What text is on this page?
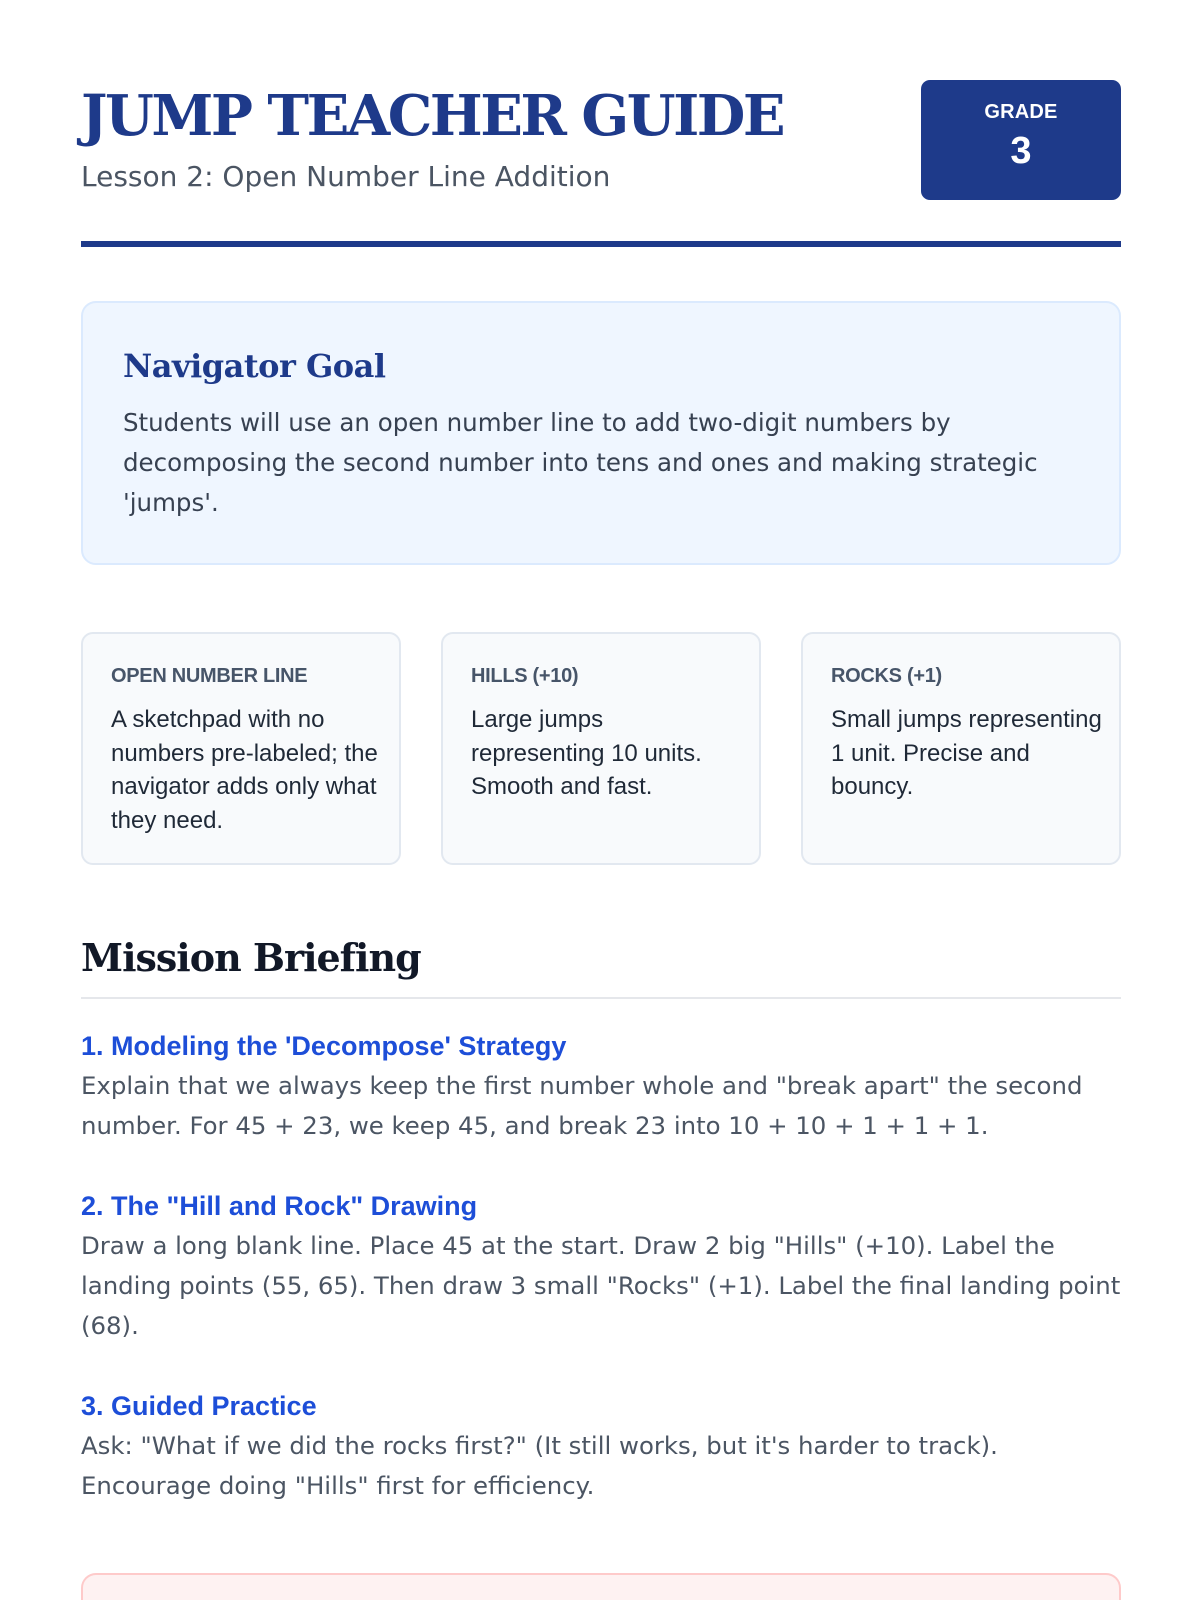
JUMP TEACHER GUIDE
Lesson 2: Open Number Line Addition
GRADE
3
Navigator Goal

Students will use an open number line to add two-digit numbers by decomposing the second number into tens and ones and making strategic 'jumps'.

OPEN NUMBER LINE
A sketchpad with no numbers pre-labeled; the navigator adds only what they need.
HILLS (+10)
Large jumps representing 10 units. Smooth and fast.
ROCKS (+1)
Small jumps representing 1 unit. Precise and bouncy.
Mission Briefing
1. Modeling the 'Decompose' Strategy

Explain that we always keep the first number whole and "break apart" the second number. For 45 + 23, we keep 45, and break 23 into 10 + 10 + 1 + 1 + 1.

2. The "Hill and Rock" Drawing

Draw a long blank line. Place 45 at the start. Draw 2 big "Hills" (+10). Label the landing points (55, 65). Then draw 3 small "Rocks" (+1). Label the final landing point (68).

3. Guided Practice

Ask: "What if we did the rocks first?" (It still works, but it's harder to track). Encourage doing "Hills" first for efficiency.
